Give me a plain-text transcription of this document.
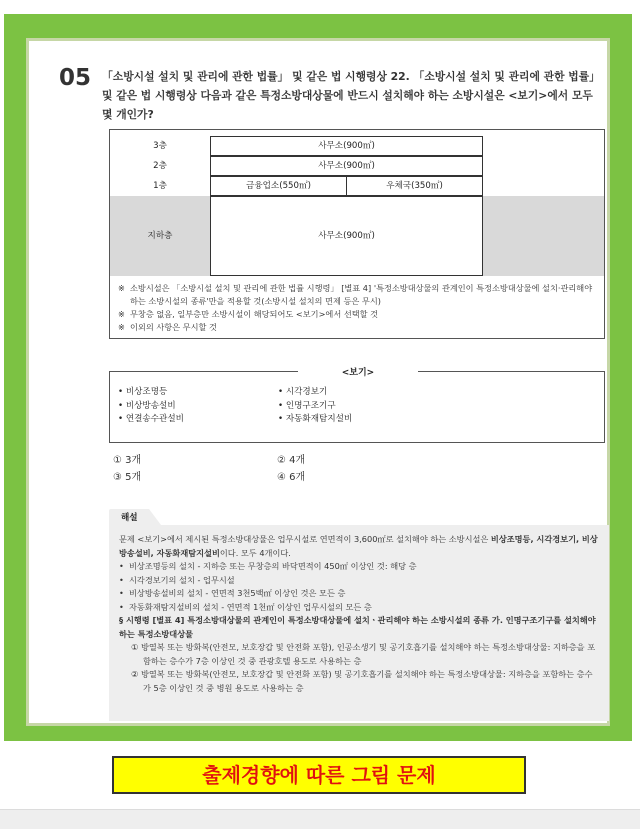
05 「소방시설 설치 및 관리에 관한 법률」 및 같은 법 시행령상 22. 「소방시설 설치 및 관리에 관한 법률」 및 같은 법 시행령상 다음과 같은 특정소방대상물에 반드시 설치해야 하는 소방시설은 <보기>에서 모두 몇 개인가?
3층	사무소(900㎡)
2층	사무소(900㎡)
1층	금융업소(550㎡)	우체국(350㎡)
지하층	사무소(900㎡)
※ 소방시설은 「소방시설 설치 및 관리에 관한 법률 시행령」 [별표 4] '특정소방대상물의 관계인이 특정소방대상물에 설치·관리해야 하는 소방시설의 종류'만을 적용할 것(소방시설 설치의 면제 등은 무시)
※ 무창층 없음, 일부층만 소방시설이 해당되어도 <보기>에서 선택할 것
※ 이외의 사항은 무시할 것
<보기>
• 비상조명등
• 비상방송설비
• 연결송수관설비
• 시각경보기
• 인명구조기구
• 자동화재탐지설비
① 3개	② 4개
③ 5개	④ 6개
해설
문제 <보기>에서 제시된 특정소방대상물은 업무시설로 연면적이 3,600㎡로 설치해야 하는 소방시설은 비상조명등, 시각경보기, 비상방송설비, 자동화재탐지설비이다. 모두 4개이다.
• 비상조명등의 설치 - 지하층 또는 무창층의 바닥면적이 450㎡ 이상인 것: 해당 층
• 시각경보기의 설치 - 업무시설
• 비상방송설비의 설치 - 연면적 3천5백㎡ 이상인 것은 모든 층
• 자동화재탐지설비의 설치 - 연면적 1천㎡ 이상인 업무시설의 모든 층
§ 시행령 [별표 4] 특정소방대상물의 관계인이 특정소방대상물에 설치ㆍ관리해야 하는 소방시설의 종류 가. 인명구조기구를 설치해야 하는 특정소방대상물
① 방열복 또는 방화복(안전모, 보호장갑 및 안전화 포함), 인공소생기 및 공기호흡기를 설치해야 하는 특정소방대상물: 지하층을 포함하는 층수가 7층 이상인 것 중 관광호텔 용도로 사용하는 층
② 방열복 또는 방화복(안전모, 보호장갑 및 안전화 포함) 및 공기호흡기를 설치해야 하는 특정소방대상물: 지하층을 포함하는 층수가 5층 이상인 것 중 병원 용도로 사용하는 층
출제경향에 따른 그림 문제
